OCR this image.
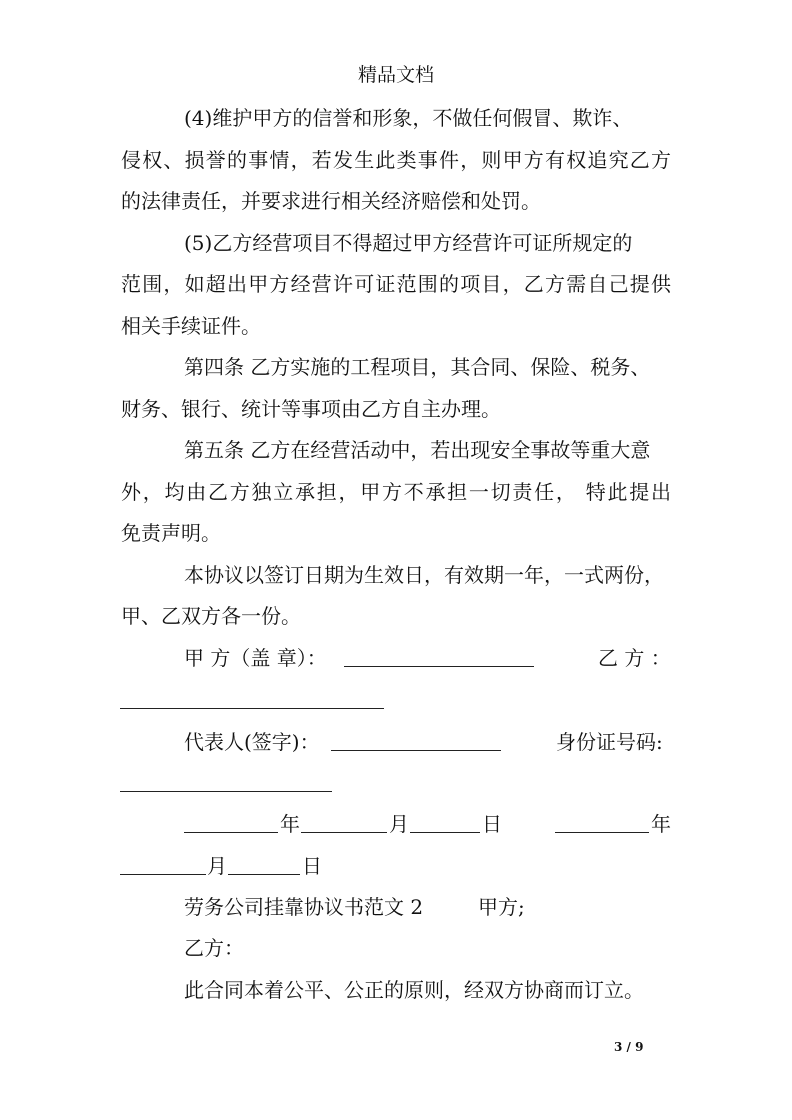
精品文档
(4)维护甲方的信誉和形象，不做任何假冒、欺诈、
侵权、损誉的事情，若发生此类事件，则甲方有权追究乙方
的法律责任，并要求进行相关经济赔偿和处罚。
(5)乙方经营项目不得超过甲方经营许可证所规定的
范围，如超出甲方经营许可证范围的项目，乙方需自己提供
相关手续证件。
第四条 乙方实施的工程项目，其合同、保险、税务、
财务、银行、统计等事项由乙方自主办理。
第五条 乙方在经营活动中，若出现安全事故等重大意
外，均由乙方独立承担，甲方不承担一切责任， 特此提出
免责声明。
本协议以签订日期为生效日，有效期一年，一式两份，
甲、乙双方各一份。
甲 方（盖 章）：	乙 方 ：
代表人(签字)：	身份证号码:
年	月	日	年
月	日
劳务公司挂靠协议书范文 2	甲方;
乙方：
此合同本着公平、公正的原则，经双方协商而订立。
3 / 9
